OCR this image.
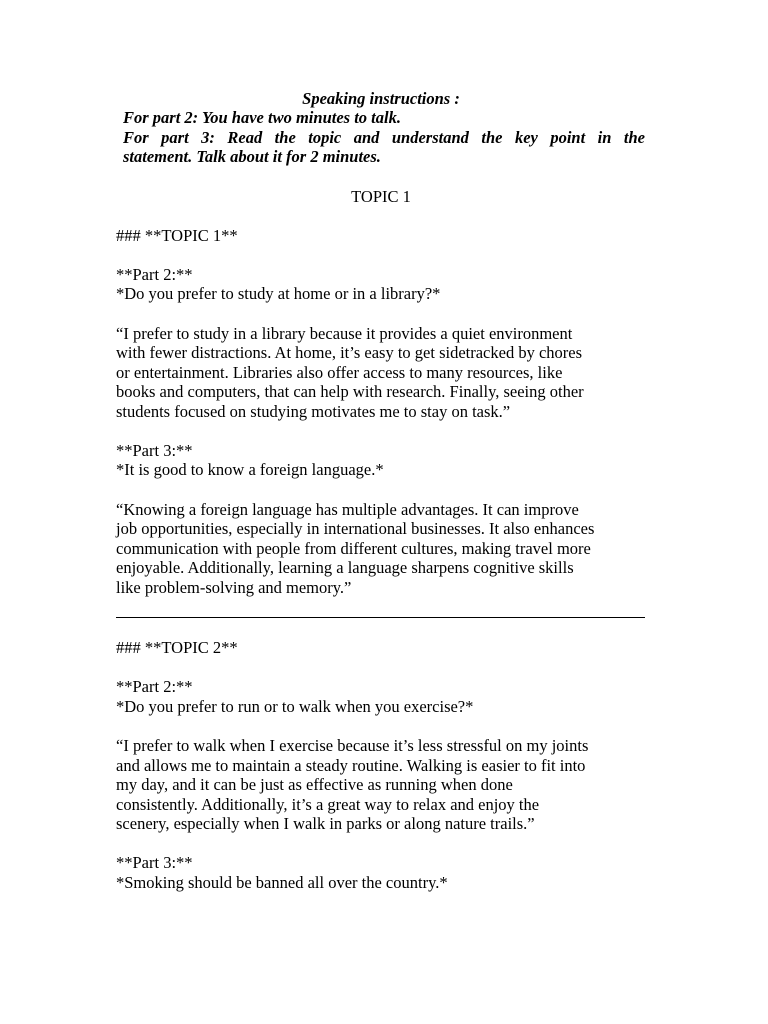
Speaking instructions :
For part 2: You have two minutes to talk.
For part 3: Read the topic and understand the key point in the
statement. Talk about it for 2 minutes.
TOPIC 1
### **TOPIC 1**
**Part 2:**
*Do you prefer to study at home or in a library?*
“I prefer to study in a library because it provides a quiet environment
with fewer distractions. At home, it’s easy to get sidetracked by chores
or entertainment. Libraries also offer access to many resources, like
books and computers, that can help with research. Finally, seeing other
students focused on studying motivates me to stay on task.”
**Part 3:**
*It is good to know a foreign language.*
“Knowing a foreign language has multiple advantages. It can improve
job opportunities, especially in international businesses. It also enhances
communication with people from different cultures, making travel more
enjoyable. Additionally, learning a language sharpens cognitive skills
like problem-solving and memory.”
### **TOPIC 2**
**Part 2:**
*Do you prefer to run or to walk when you exercise?*
“I prefer to walk when I exercise because it’s less stressful on my joints
and allows me to maintain a steady routine. Walking is easier to fit into
my day, and it can be just as effective as running when done
consistently. Additionally, it’s a great way to relax and enjoy the
scenery, especially when I walk in parks or along nature trails.”
**Part 3:**
*Smoking should be banned all over the country.*
